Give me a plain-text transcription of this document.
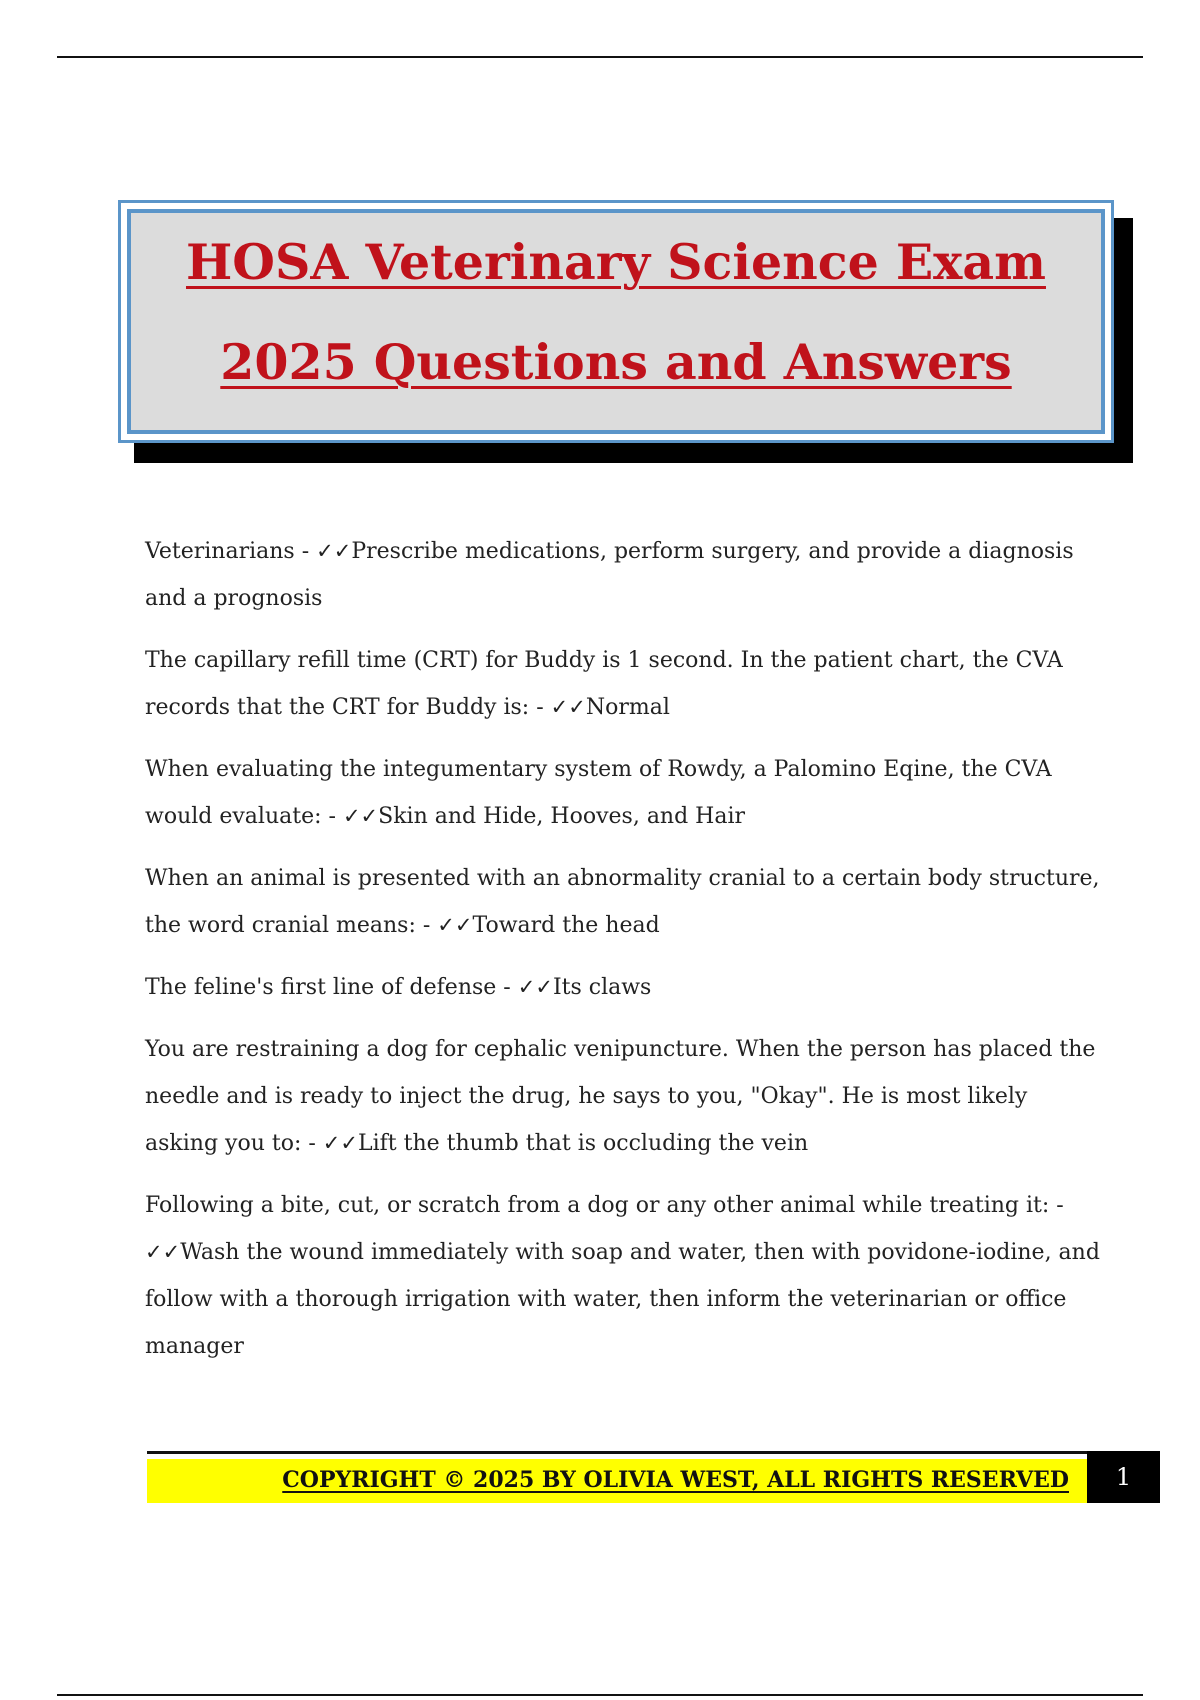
HOSA Veterinary Science Exam
2025 Questions and Answers

Veterinarians - ✓✓Prescribe medications, perform surgery, and provide a diagnosis and a prognosis

The capillary refill time (CRT) for Buddy is 1 second. In the patient chart, the CVA records that the CRT for Buddy is: - ✓✓Normal

When evaluating the integumentary system of Rowdy, a Palomino Eqine, the CVA would evaluate: - ✓✓Skin and Hide, Hooves, and Hair

When an animal is presented with an abnormality cranial to a certain body structure, the word cranial means: - ✓✓Toward the head

The feline's first line of defense - ✓✓Its claws

You are restraining a dog for cephalic venipuncture. When the person has placed the needle and is ready to inject the drug, he says to you, "Okay". He is most likely asking you to: - ✓✓Lift the thumb that is occluding the vein

Following a bite, cut, or scratch from a dog or any other animal while treating it: - ✓✓Wash the wound immediately with soap and water, then with povidone-iodine, and follow with a thorough irrigation with water, then inform the veterinarian or office manager

COPYRIGHT © 2025 BY OLIVIA WEST, ALL RIGHTS RESERVED	1
